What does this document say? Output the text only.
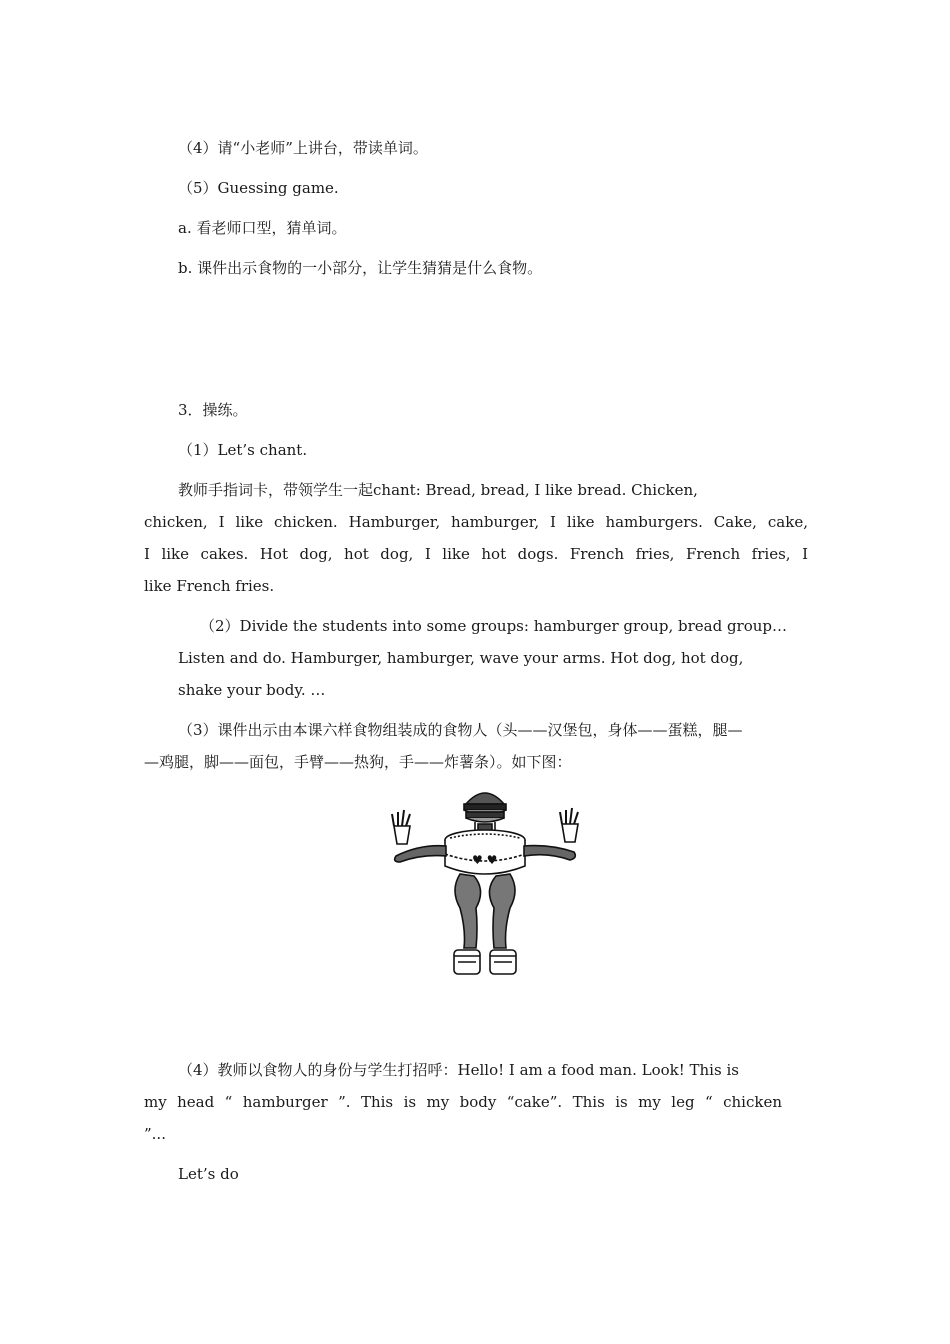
（4）请“小老师”上讲台，带读单词。
（5）Guessing game.
a. 看老师口型，猜单词。
b. 课件出示食物的一小部分，让学生猜猜是什么食物。
3．操练。
（1）Let’s chant.
教师手指词卡，带领学生一起chant: Bread, bread, I like bread. Chicken,
chicken, I like chicken. Hamburger, hamburger, I like hamburgers. Cake, cake,
I like cakes. Hot dog, hot dog, I like hot dogs. French fries, French fries, I
like French fries.
（2）Divide the students into some groups: hamburger group, bread group…
Listen and do. Hamburger, hamburger, wave your arms. Hot dog, hot dog,
shake your body. …
（3）课件出示由本课六样食物组装成的食物人（头——汉堡包，身体——蛋糕，腿—
—鸡腿，脚——面包，手臂——热狗，手——炸薯条）。如下图：
♥ ♥
（4）教师以食物人的身份与学生打招呼：Hello! I am a food man. Look! This is
my head “ hamburger ”. This is my body “cake”. This is my leg “ chicken
”...
Let’s do
